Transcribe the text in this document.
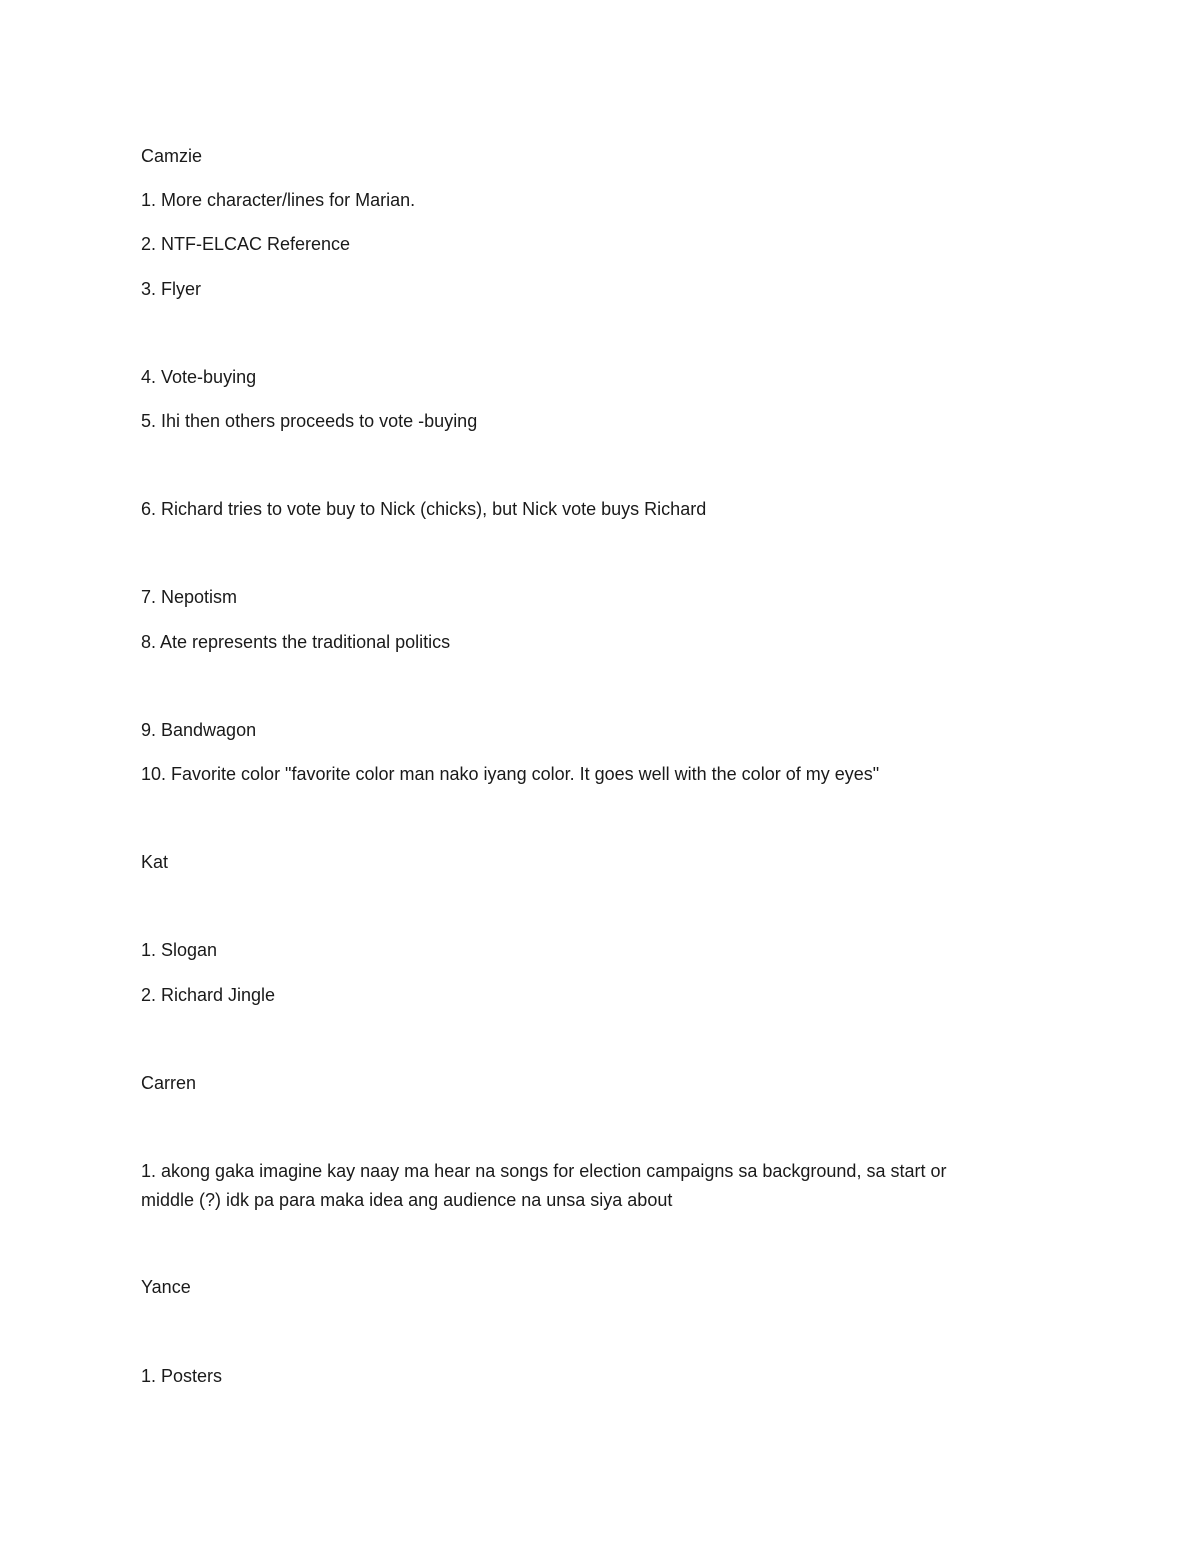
Camzie

1. More character/lines for Marian.

2. NTF-ELCAC Reference

3. Flyer

4. Vote-buying

5. Ihi then others proceeds to vote -buying

6. Richard tries to vote buy to Nick (chicks), but Nick vote buys Richard

7. Nepotism

8. Ate represents the traditional politics

9. Bandwagon

10. Favorite color "favorite color man nako iyang color. It goes well with the color of my eyes"

Kat

1. Slogan

2. Richard Jingle

Carren

1. akong gaka imagine kay naay ma hear na songs for election campaigns sa background, sa start or

middle (?) idk pa para maka idea ang audience na unsa siya about

Yance

1. Posters
